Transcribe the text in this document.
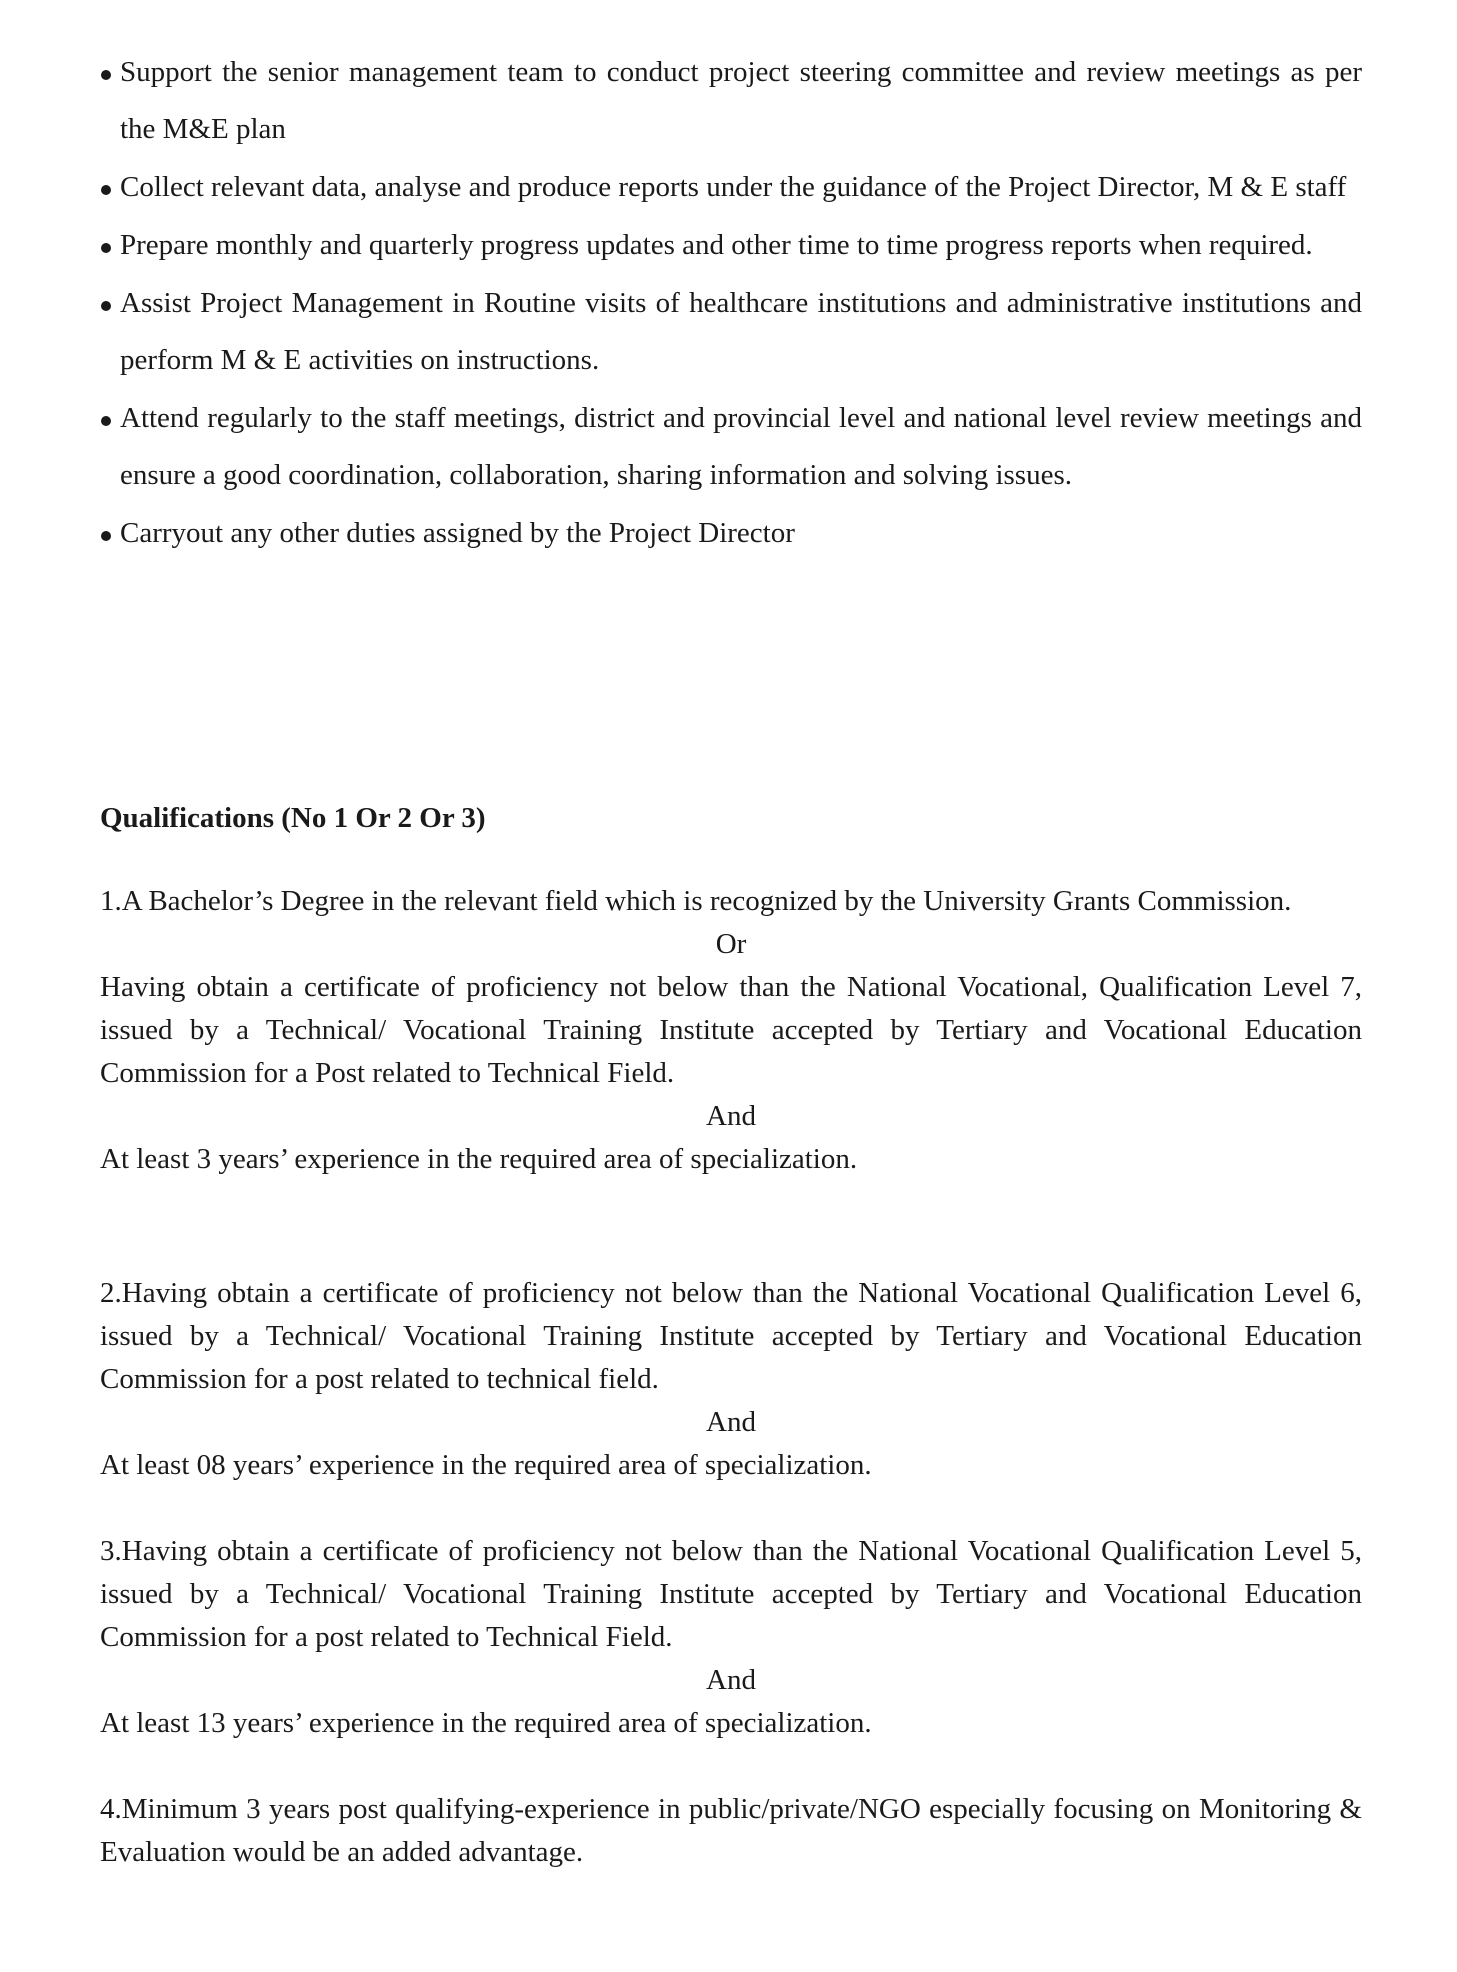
Support the senior management team to conduct project steering committee and review meetings as per the M&E plan
Collect relevant data, analyse and produce reports under the guidance of the Project Director, M & E staff
Prepare monthly and quarterly progress updates and other time to time progress reports when required.
Assist Project Management in Routine visits of healthcare institutions and administrative institutions and perform M & E activities on instructions.
Attend regularly to the staff meetings, district and provincial level and national level review meetings and ensure a good coordination, collaboration, sharing information and solving issues.
Carryout any other duties assigned by the Project Director
Qualifications (No 1 Or 2 Or 3)

1.A Bachelor’s Degree in the relevant field which is recognized by the University Grants Commission.

Or

Having obtain a certificate of proficiency not below than the National Vocational, Qualification Level 7, issued by a Technical/ Vocational Training Institute accepted by Tertiary and Vocational Education Commission for a Post related to Technical Field.

And

At least 3 years’ experience in the required area of specialization.

2.Having obtain a certificate of proficiency not below than the National Vocational Qualification Level 6, issued by a Technical/ Vocational Training Institute accepted by Tertiary and Vocational Education Commission for a post related to technical field.

And

At least 08 years’ experience in the required area of specialization.

3.Having obtain a certificate of proficiency not below than the National Vocational Qualification Level 5, issued by a Technical/ Vocational Training Institute accepted by Tertiary and Vocational Education Commission for a post related to Technical Field.

And

At least 13 years’ experience in the required area of specialization.

4.Minimum 3 years post qualifying-experience in public/private/NGO especially focusing on Monitoring & Evaluation would be an added advantage.
